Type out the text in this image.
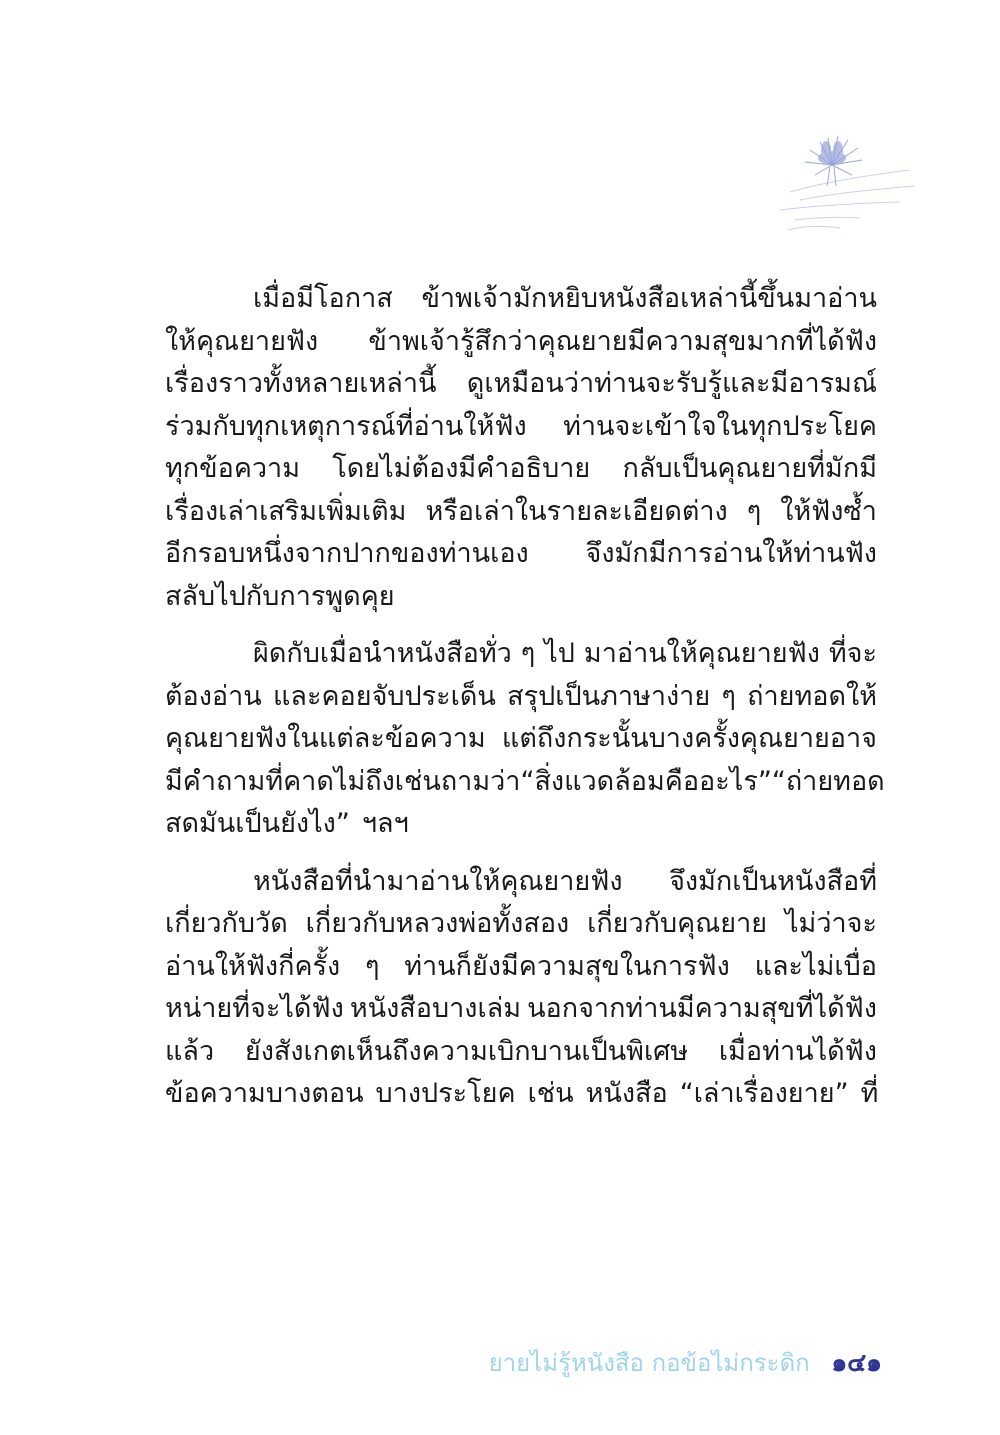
เมื่อมีโอกาส ข้าพเจ้ามักหยิบหนังสือเหล่านี้ขึ้นมาอ่าน
ให้คุณยายฟัง ข้าพเจ้ารู้สึกว่าคุณยายมีความสุขมากที่ได้ฟัง
เรื่องราวทั้งหลายเหล่านี้ ดูเหมือนว่าท่านจะรับรู้และมีอารมณ์
ร่วมกับทุกเหตุการณ์ที่อ่านให้ฟัง ท่านจะเข้าใจในทุกประโยค
ทุกข้อความ โดยไม่ต้องมีคำอธิบาย กลับเป็นคุณยายที่มักมี
เรื่องเล่าเสริมเพิ่มเติม หรือเล่าในรายละเอียดต่าง ๆ ให้ฟังซ้ำ
อีกรอบหนึ่งจากปากของท่านเอง จึงมักมีการอ่านให้ท่านฟัง
สลับไปกับการพูดคุย
ผิดกับเมื่อนำหนังสือทั่ว ๆ ไป มาอ่านให้คุณยายฟัง ที่จะ
ต้องอ่าน และคอยจับประเด็น สรุปเป็นภาษาง่าย ๆ ถ่ายทอดให้
คุณยายฟังในแต่ละข้อความ แต่ถึงกระนั้นบางครั้งคุณยายอาจ
มีคำถามที่คาดไม่ถึง เช่น ถามว่า “สิ่งแวดล้อมคืออะไร” “ถ่ายทอด
สดมันเป็นยังไง” ฯลฯ
หนังสือที่นำมาอ่านให้คุณยายฟัง จึงมักเป็นหนังสือที่
เกี่ยวกับวัด เกี่ยวกับหลวงพ่อทั้งสอง เกี่ยวกับคุณยาย ไม่ว่าจะ
อ่านให้ฟังกี่ครั้ง ๆ ท่านก็ยังมีความสุขในการฟัง และไม่เบื่อ
หน่ายที่จะได้ฟัง หนังสือบางเล่ม นอกจากท่านมีความสุขที่ได้ฟัง
แล้ว ยังสังเกตเห็นถึงความเบิกบานเป็นพิเศษ เมื่อท่านได้ฟัง
ข้อความบางตอน บางประโยค เช่น หนังสือ “เล่าเรื่องยาย” ที่
ยายไม่รู้หนังสือ กอข้อไม่กระดิก ๑๔๑
